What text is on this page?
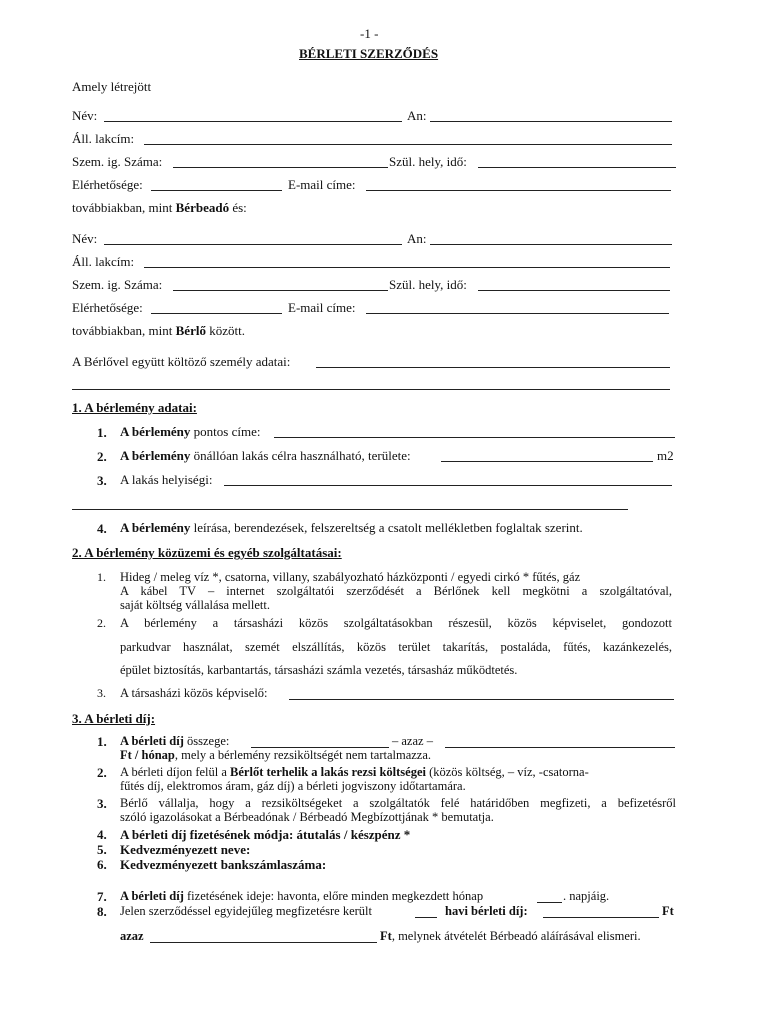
-1 -
BÉRLETI SZERZŐDÉS
Amely létrejött
Név:	An:
Áll. lakcím:
Szem. ig. Száma:	Szül. hely, idő:
Elérhetősége:	E-mail címe:
továbbiakban, mint Bérbeadó és:
Név:	An:
Áll. lakcím:
Szem. ig. Száma:	Szül. hely, idő:
Elérhetősége:	E-mail címe:
továbbiakban, mint Bérlő között.
A Bérlővel együtt költöző személy adatai:
1. A bérlemény adatai:
1. A bérlemény pontos címe:
2. A bérlemény önállóan lakás célra használható, területe:	m2
3. A lakás helyiségi:
4. A bérlemény leírása, berendezések, felszereltség a csatolt mellékletben foglaltak szerint.
2. A bérlemény közüzemi és egyéb szolgáltatásai:
1. Hideg / meleg víz *, csatorna, villany, szabályozható házközponti / egyedi cirkó * fűtés, gáz
A kábel TV – internet szolgáltatói szerződését a Bérlőnek kell megkötni a szolgáltatóval,
saját költség vállalása mellett.
2. A bérlemény a társasházi közös szolgáltatásokban részesül, közös képviselet, gondozott
parkudvar használat, szemét elszállítás, közös terület takarítás, postaláda, fűtés, kazánkezelés,
épület biztosítás, karbantartás, társasházi számla vezetés, társasház működtetés.
3. A társasházi közös képviselő:
3. A bérleti díj:
1. A bérleti díj összege:	– azaz –
Ft / hónap, mely a bérlemény rezsiköltségét nem tartalmazza.
2. A bérleti díjon felül a Bérlőt terhelik a lakás rezsi költségei (közös költség, – víz, -csatorna-
fűtés díj, elektromos áram, gáz díj) a bérleti jogviszony időtartamára.
3. Bérlő vállalja, hogy a rezsiköltségeket a szolgáltatók felé határidőben megfizeti, a befizetésről
szóló igazolásokat a Bérbeadónak / Bérbeadó Megbízottjának * bemutatja.
4. A bérleti díj fizetésének módja: átutalás / készpénz *
5. Kedvezményezett neve:
6. Kedvezményezett bankszámlaszáma:
7. A bérleti díj fizetésének ideje: havonta, előre minden megkezdett hónap	. napjáig.
8. Jelen szerződéssel egyidejűleg megfizetésre került	havi bérleti díj:	Ft
azaz	Ft, melynek átvételét Bérbeadó aláírásával elismeri.
